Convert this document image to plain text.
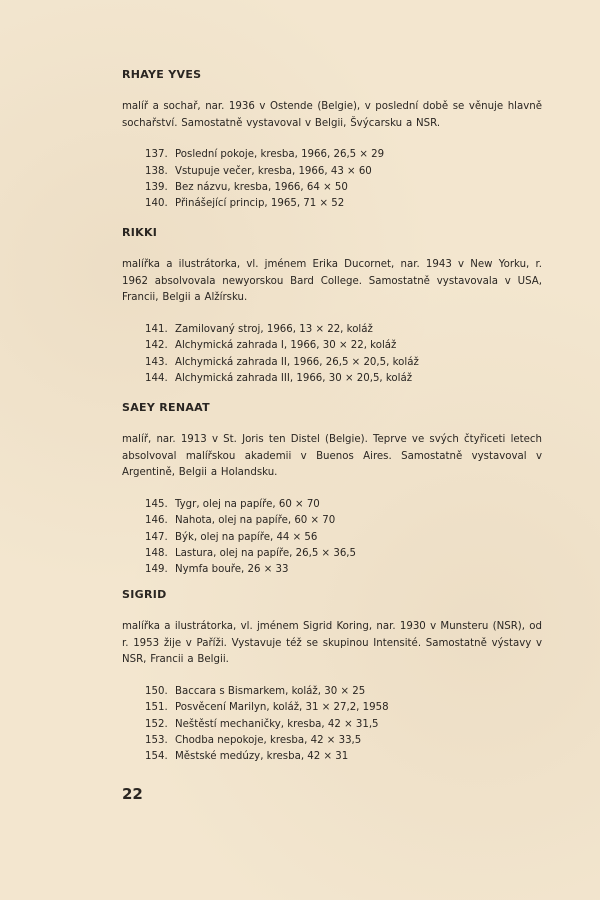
RHAYE YVES

malíř a sochař, nar. 1936 v Ostende (Belgie), v poslední době se věnuje hlavně sochařství. Samostatně vystavoval v Belgii, Švýcarsku a NSR.

137. Poslední pokoje, kresba, 1966, 26,5 × 29
138. Vstupuje večer, kresba, 1966, 43 × 60
139. Bez názvu, kresba, 1966, 64 × 50
140. Přinášející princip, 1965, 71 × 52
RIKKI

malířka a ilustrátorka, vl. jménem Erika Ducornet, nar. 1943 v New Yorku, r. 1962 absolvovala newyorskou Bard College. Samostatně vystavovala v USA, Francii, Belgii a Alžírsku.

141. Zamilovaný stroj, 1966, 13 × 22, koláž
142. Alchymická zahrada I, 1966, 30 × 22, koláž
143. Alchymická zahrada II, 1966, 26,5 × 20,5, koláž
144. Alchymická zahrada III, 1966, 30 × 20,5, koláž
SAEY RENAAT

malíř, nar. 1913 v St. Joris ten Distel (Belgie). Teprve ve svých čtyřiceti letech absolvoval malířskou akademii v Buenos Aires. Samostatně vystavoval v Argentině, Belgii a Holandsku.

145. Tygr, olej na papíře, 60 × 70
146. Nahota, olej na papíře, 60 × 70
147. Býk, olej na papíře, 44 × 56
148. Lastura, olej na papíře, 26,5 × 36,5
149. Nymfa bouře, 26 × 33
SIGRID

malířka a ilustrátorka, vl. jménem Sigrid Koring, nar. 1930 v Munsteru (NSR), od r. 1953 žije v Paříži. Vystavuje též se skupinou Intensité. Samostatně výstavy v NSR, Francii a Belgii.

150. Baccara s Bismarkem, koláž, 30 × 25
151. Posvěcení Marilyn, koláž, 31 × 27,2, 1958
152. Neštěstí mechaničky, kresba, 42 × 31,5
153. Chodba nepokoje, kresba, 42 × 33,5
154. Městské medúzy, kresba, 42 × 31
22
